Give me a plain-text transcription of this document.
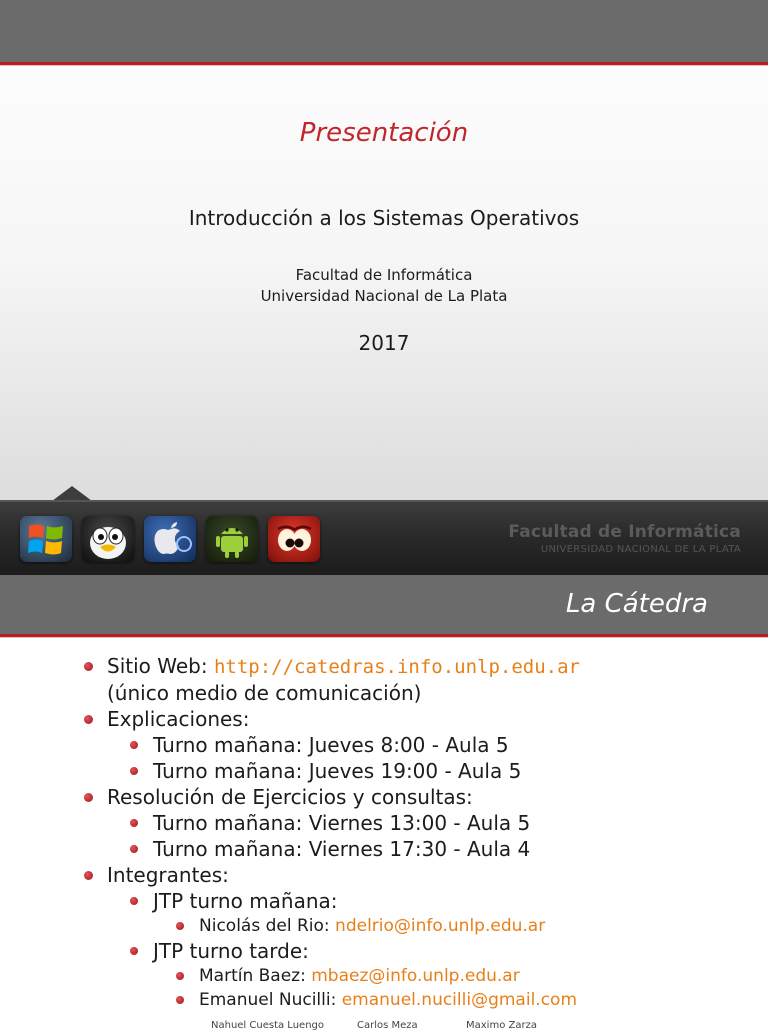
Presentación
Introducción a los Sistemas Operativos
Facultad de Informática
Universidad Nacional de La Plata
2017
Facultad de Informática
UNIVERSIDAD NACIONAL DE LA PLATA
La Cátedra
Sitio Web: http://catedras.info.unlp.edu.ar
(único medio de comunicación)
Explicaciones:
Turno mañana: Jueves 8:00 - Aula 5
Turno mañana: Jueves 19:00 - Aula 5
Resolución de Ejercicios y consultas:
Turno mañana: Viernes 13:00 - Aula 5
Turno mañana: Viernes 17:30 - Aula 4
Integrantes:
JTP turno mañana:
Nicolás del Rio: ndelrio@info.unlp.edu.ar
JTP turno tarde:
Martín Baez: mbaez@info.unlp.edu.ar
Emanuel Nucilli: emanuel.nucilli@gmail.com
Nahuel Cuesta Luengo	Carlos Meza	Maximo Zarza
